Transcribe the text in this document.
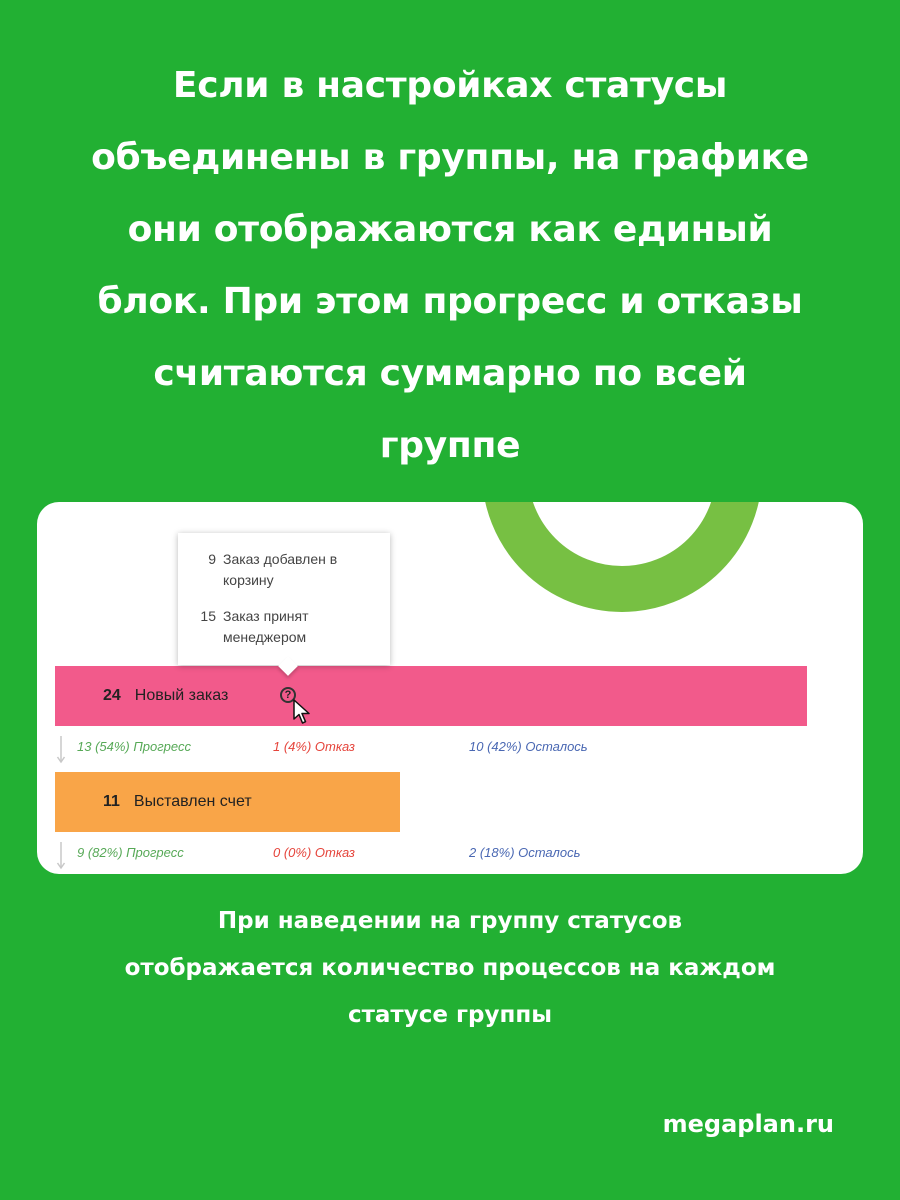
Если в настройках статусы
объединены в группы, на графике
они отображаются как единый
блок. При этом прогресс и отказы
считаются суммарно по всей
группе
24 Новый заказ	?
9 Заказ добавлен в корзину
15 Заказ принят менеджером
13 (54%) Прогресс	1 (4%) Отказ	10 (42%) Осталось
11 Выставлен счет
9 (82%) Прогресс	0 (0%) Отказ	2 (18%) Осталось
При наведении на группу статусов
отображается количество процессов на каждом
статусе группы
megaplan.ru
